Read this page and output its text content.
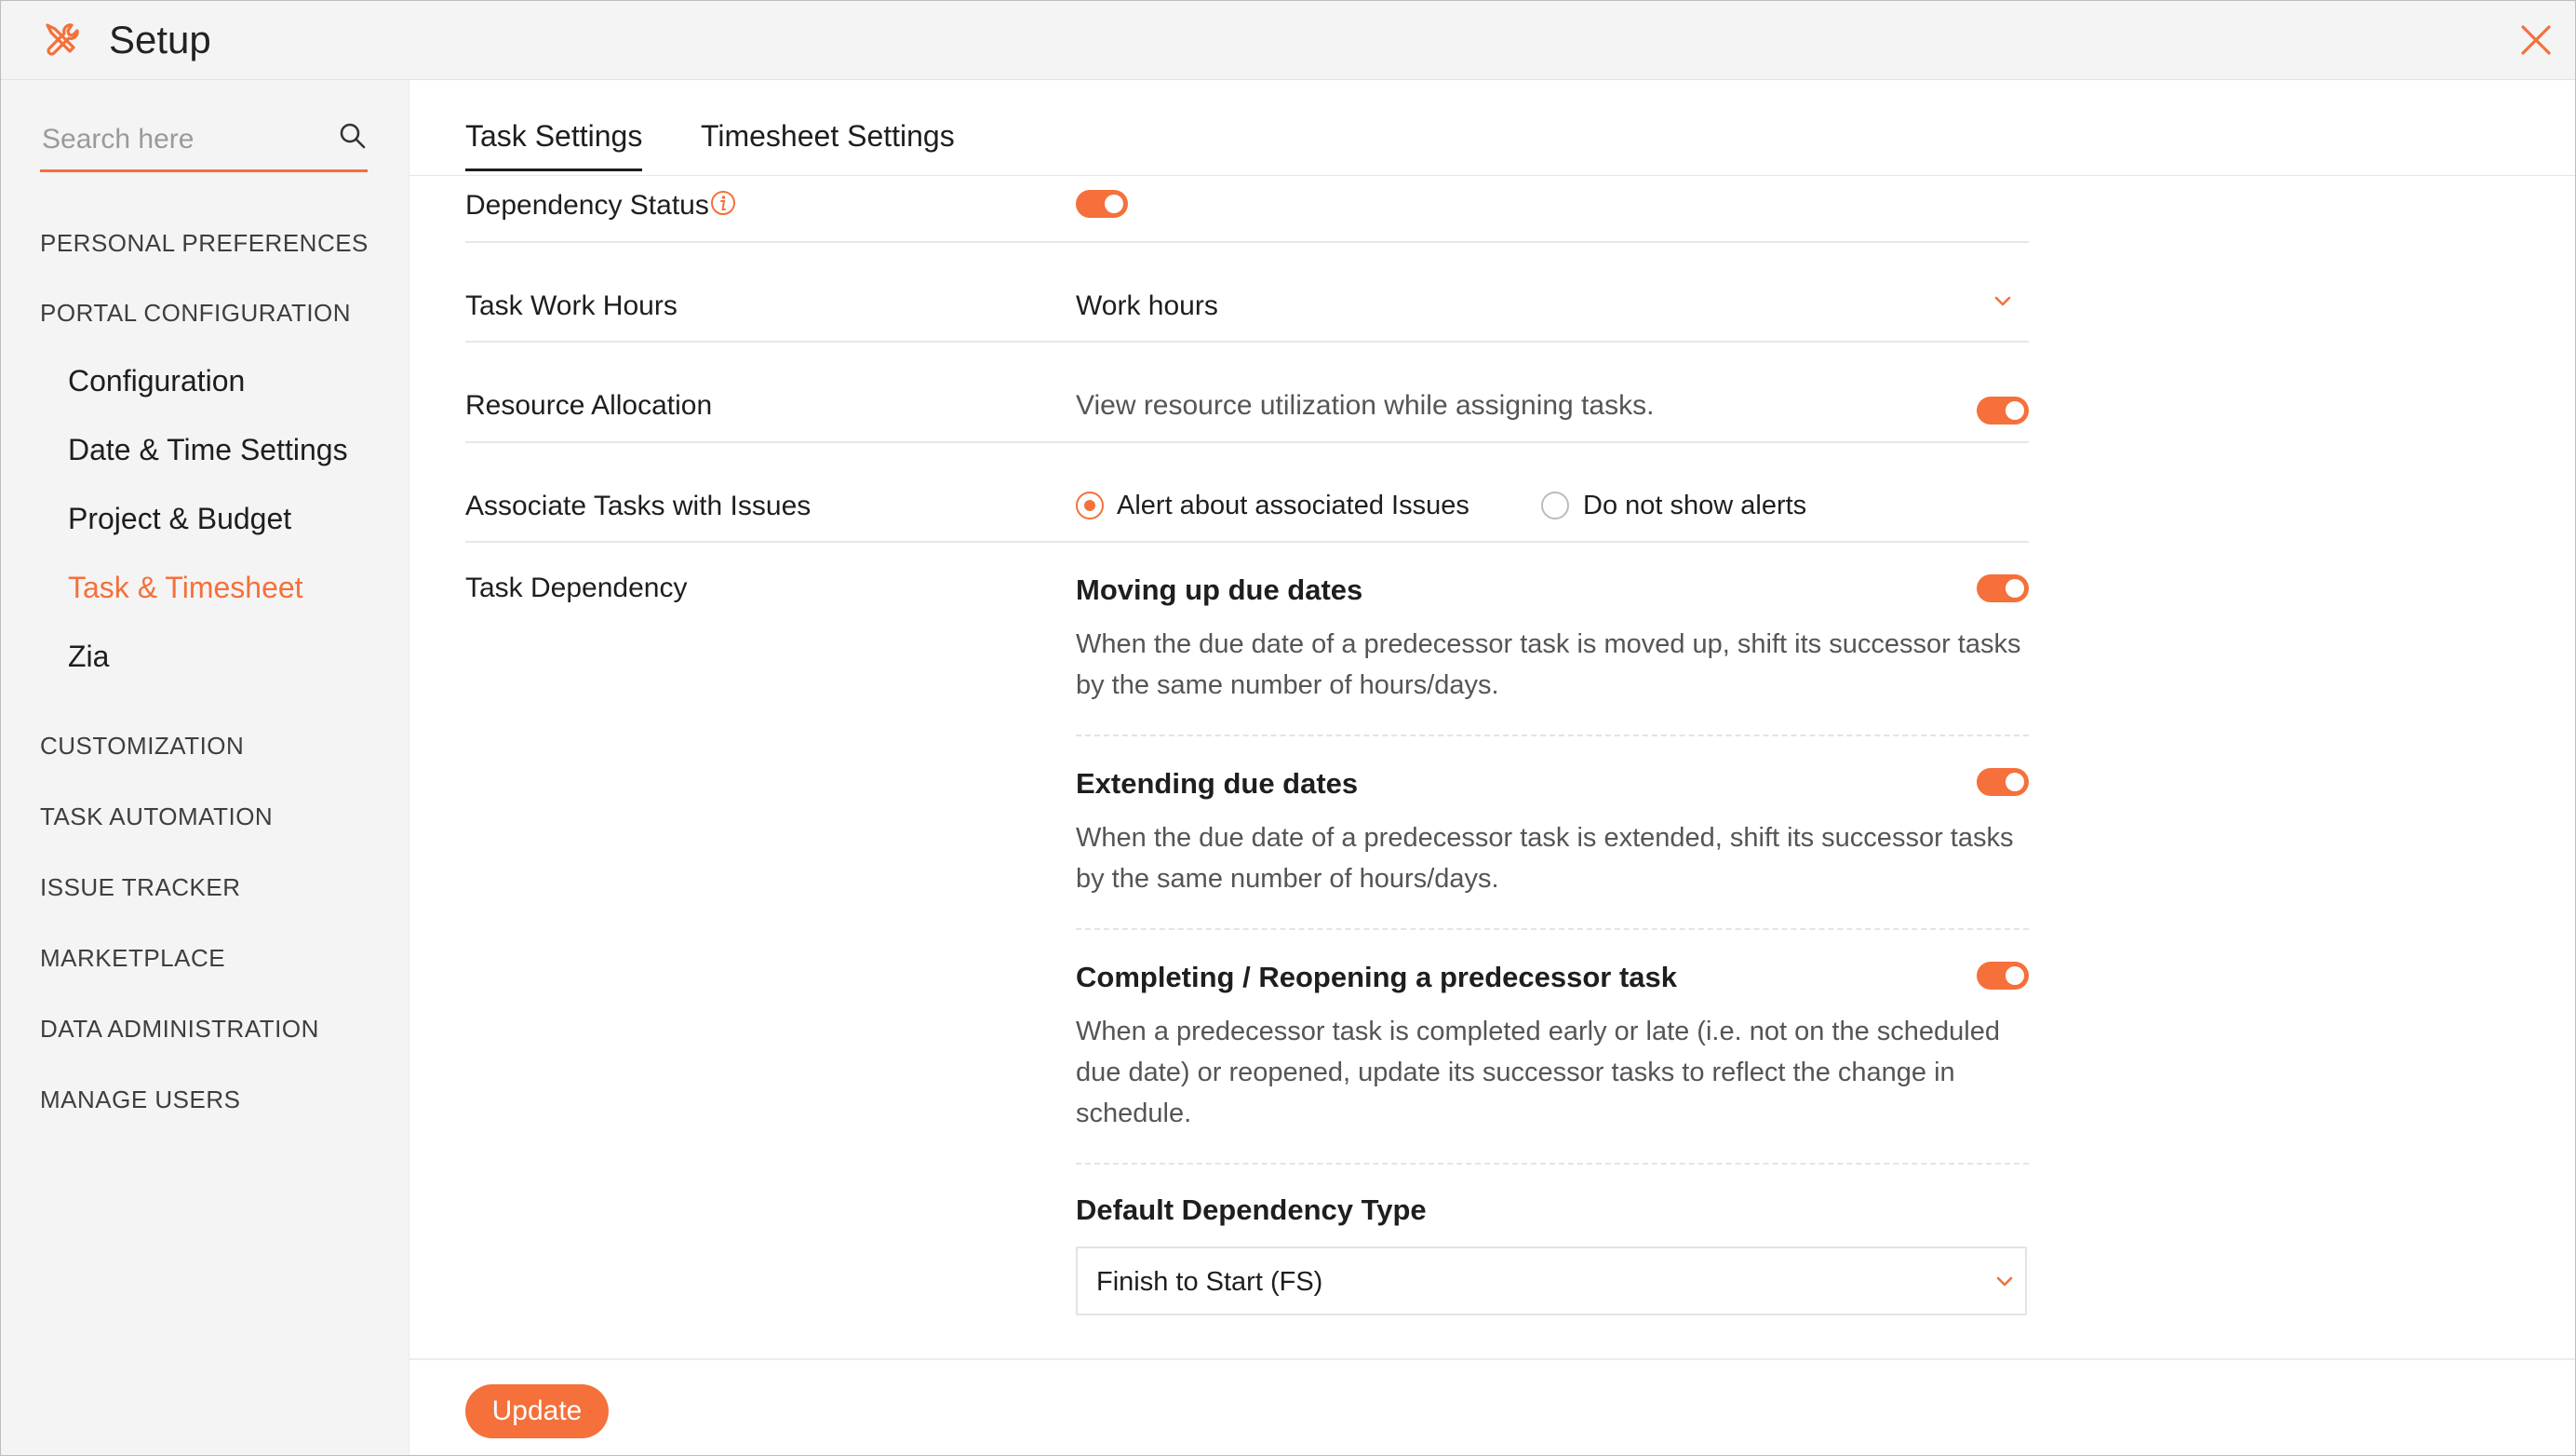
Setup
Search here
PERSONAL PREFERENCES
PORTAL CONFIGURATION
Configuration
Date & Time Settings
Project & Budget
Task & Timesheet
Zia
CUSTOMIZATION
TASK AUTOMATION
ISSUE TRACKER
MARKETPLACE
DATA ADMINISTRATION
MANAGE USERS
Task Settings Timesheet Settings
Dependency Status
Task Work Hours	Work hours
Resource Allocation	View resource utilization while assigning tasks.
Associate Tasks with Issues	Alert about associated Issues	Do not show alerts
Task Dependency	Moving up due dates
When the due date of a predecessor task is moved up, shift its successor tasks by the same number of hours/days.
Extending due dates
When the due date of a predecessor task is extended, shift its successor tasks by the same number of hours/days.
Completing / Reopening a predecessor task
When a predecessor task is completed early or late (i.e. not on the scheduled due date) or reopened, update its successor tasks to reflect the change in schedule.
Default Dependency Type
Finish to Start (FS)
Update
